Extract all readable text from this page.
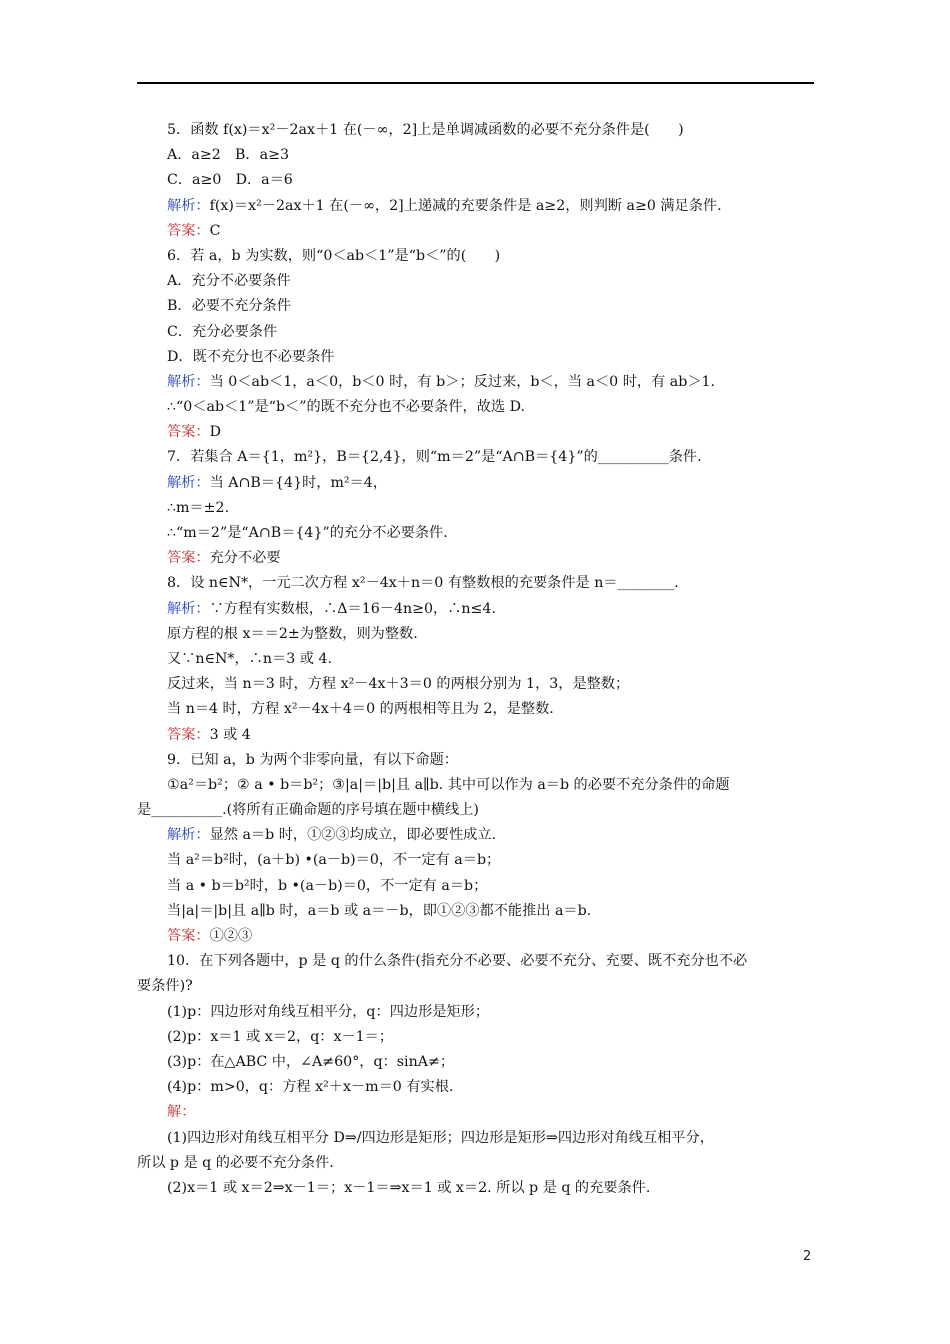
5．函数 f(x)＝x²－2ax＋1 在(－∞，2]上是单调减函数的必要不充分条件是(　　)
A．a≥2　B．a≥3
C．a≥0　D．a＝6
解析：f(x)＝x²－2ax＋1 在(－∞，2]上递减的充要条件是 a≥2，则判断 a≥0 满足条件.
答案：C
6．若 a，b 为实数，则“0＜ab＜1”是“b＜”的(　　)
A．充分不必要条件
B．必要不充分条件
C．充分必要条件
D．既不充分也不必要条件
解析：当 0＜ab＜1，a＜0，b＜0 时，有 b＞；反过来，b＜，当 a＜0 时，有 ab＞1.
∴“0＜ab＜1”是“b＜”的既不充分也不必要条件，故选 D.
答案：D
7．若集合 A＝{1，m²}，B＝{2,4}，则“m＝2”是“A∩B＝{4}”的__________条件.
解析：当 A∩B＝{4}时，m²＝4，
∴m＝±2.
∴“m＝2”是“A∩B＝{4}”的充分不必要条件.
答案：充分不必要
8．设 n∈N*，一元二次方程 x²－4x＋n＝0 有整数根的充要条件是 n＝________.
解析：∵方程有实数根，∴Δ＝16－4n≥0，∴n≤4.
原方程的根 x＝＝2±为整数，则为整数.
又∵n∈N*，∴n＝3 或 4.
反过来，当 n＝3 时，方程 x²－4x＋3＝0 的两根分别为 1，3，是整数；
当 n＝4 时，方程 x²－4x＋4＝0 的两根相等且为 2，是整数.
答案：3 或 4
9．已知 a，b 为两个非零向量，有以下命题：
①a²＝b²；② a • b＝b²；③|a|＝|b|且 a∥b. 其中可以作为 a＝b 的必要不充分条件的命题
是__________.(将所有正确命题的序号填在题中横线上)
解析：显然 a＝b 时，①②③均成立，即必要性成立.
当 a²＝b²时，(a＋b) •(a－b)＝0，不一定有 a＝b；
当 a • b＝b²时，b •(a－b)＝0，不一定有 a＝b；
当|a|＝|b|且 a∥b 时，a＝b 或 a＝－b，即①②③都不能推出 a＝b.
答案：①②③
10．在下列各题中，p 是 q 的什么条件(指充分不必要、必要不充分、充要、既不充分也不必
要条件)?
(1)p：四边形对角线互相平分，q：四边形是矩形；
(2)p：x＝1 或 x＝2，q：x－1＝；
(3)p：在△ABC 中，∠A≠60°，q：sinA≠；
(4)p：m>0，q：方程 x²＋x－m＝0 有实根.
解：
(1)四边形对角线互相平分 D⇒/四边形是矩形；四边形是矩形⇒四边形对角线互相平分，
所以 p 是 q 的必要不充分条件.
(2)x＝1 或 x＝2⇒x－1＝；x－1＝⇒x＝1 或 x＝2. 所以 p 是 q 的充要条件.
2
